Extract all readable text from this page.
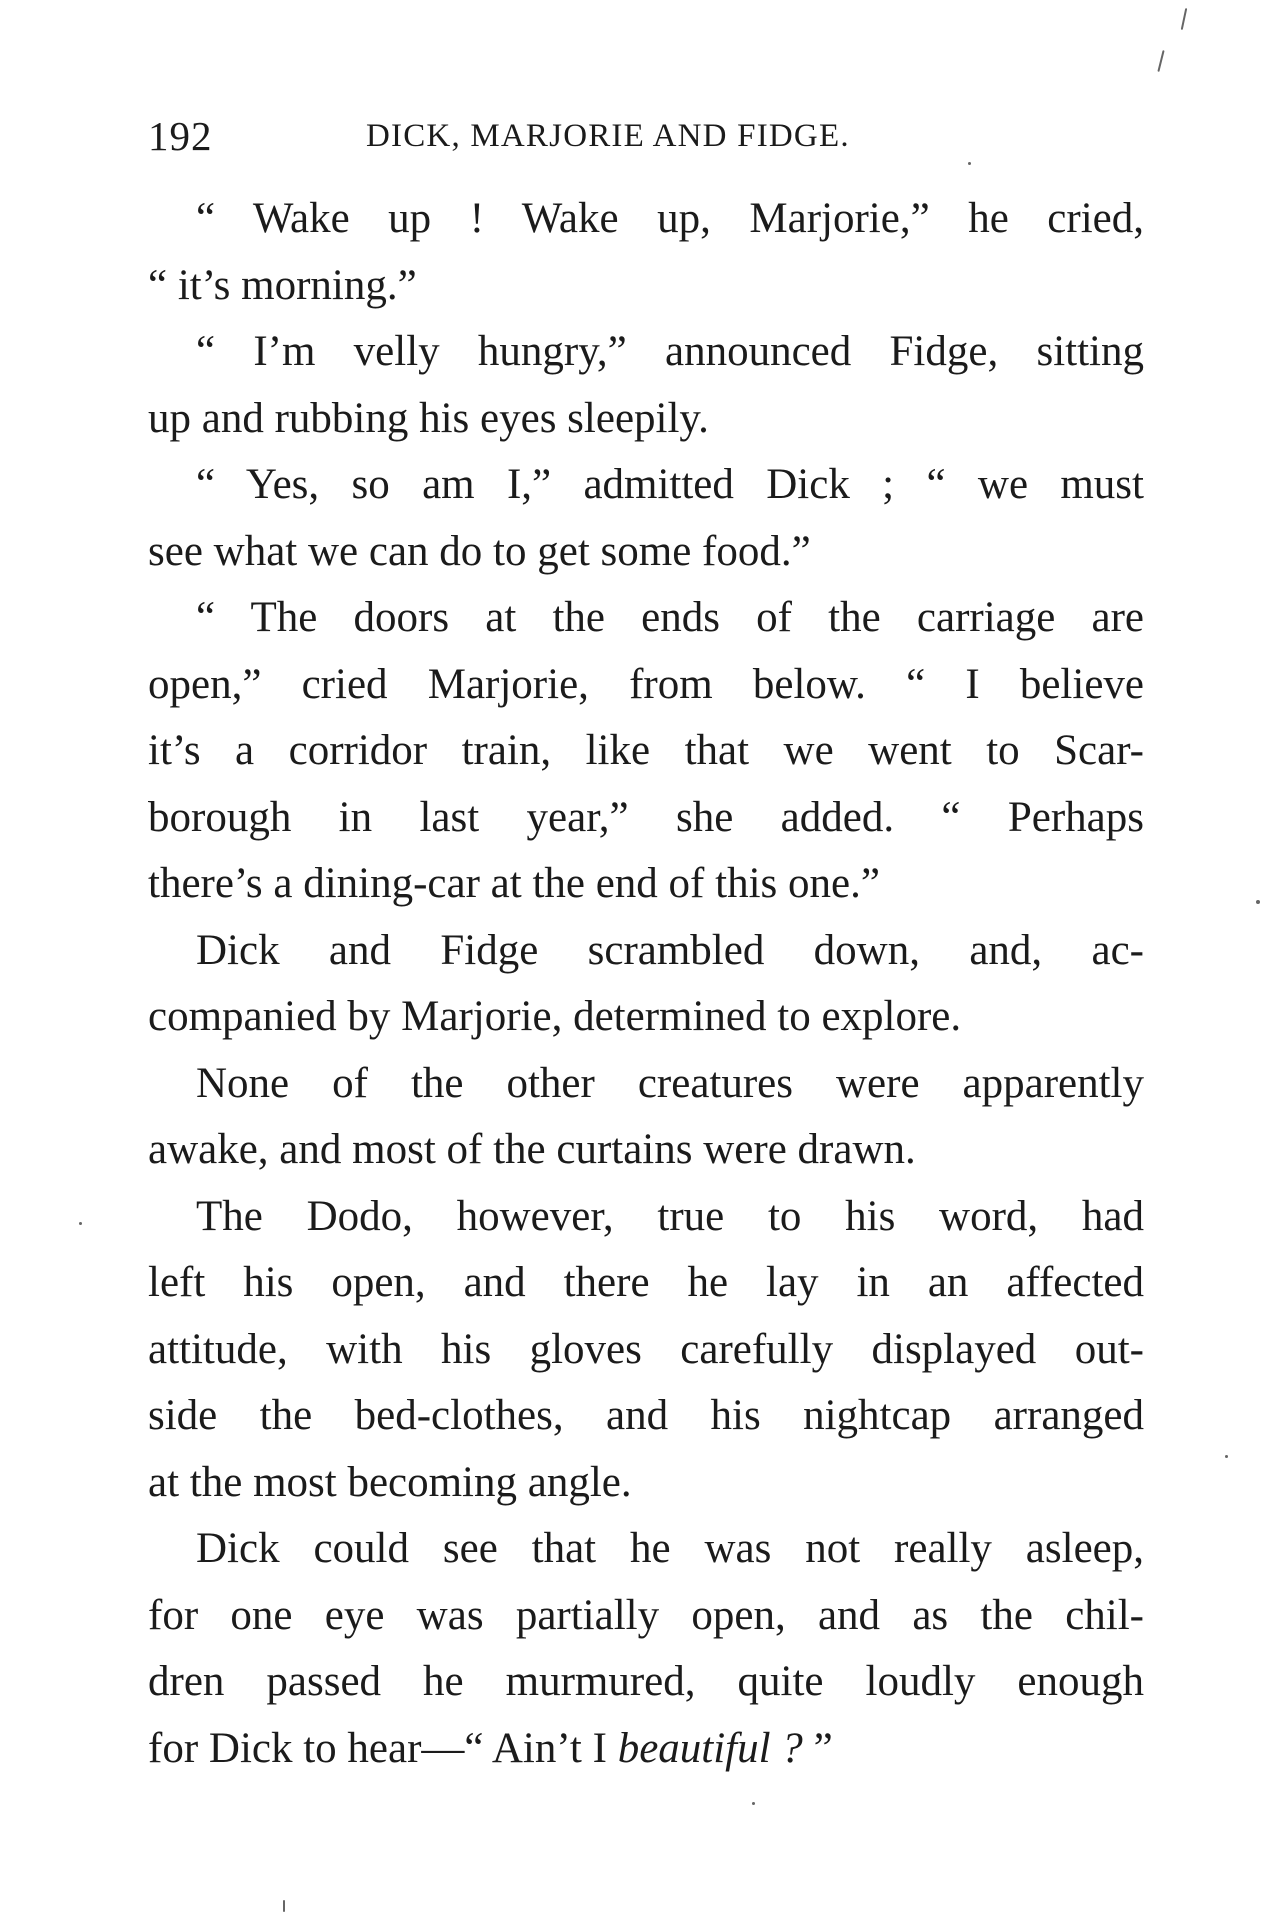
192	DICK, MARJORIE AND FIDGE.
“ Wake up ! Wake up, Marjorie,” he cried,
“ it’s morning.”
“ I’m velly hungry,” announced Fidge, sitting
up and rubbing his eyes sleepily.
“ Yes, so am I,” admitted Dick ; “ we must
see what we can do to get some food.”
“ The doors at the ends of the carriage are
open,” cried Marjorie, from below. “ I believe
it’s a corridor train, like that we went to Scar-
borough in last year,” she added. “ Perhaps
there’s a dining-car at the end of this one.”
Dick and Fidge scrambled down, and, ac-
companied by Marjorie, determined to explore.
None of the other creatures were apparently
awake, and most of the curtains were drawn.
The Dodo, however, true to his word, had
left his open, and there he lay in an affected
attitude, with his gloves carefully displayed out-
side the bed-clothes, and his nightcap arranged
at the most becoming angle.
Dick could see that he was not really asleep,
for one eye was partially open, and as the chil-
dren passed he murmured, quite loudly enough
for Dick to hear—“ Ain’t I beautiful ? ”
